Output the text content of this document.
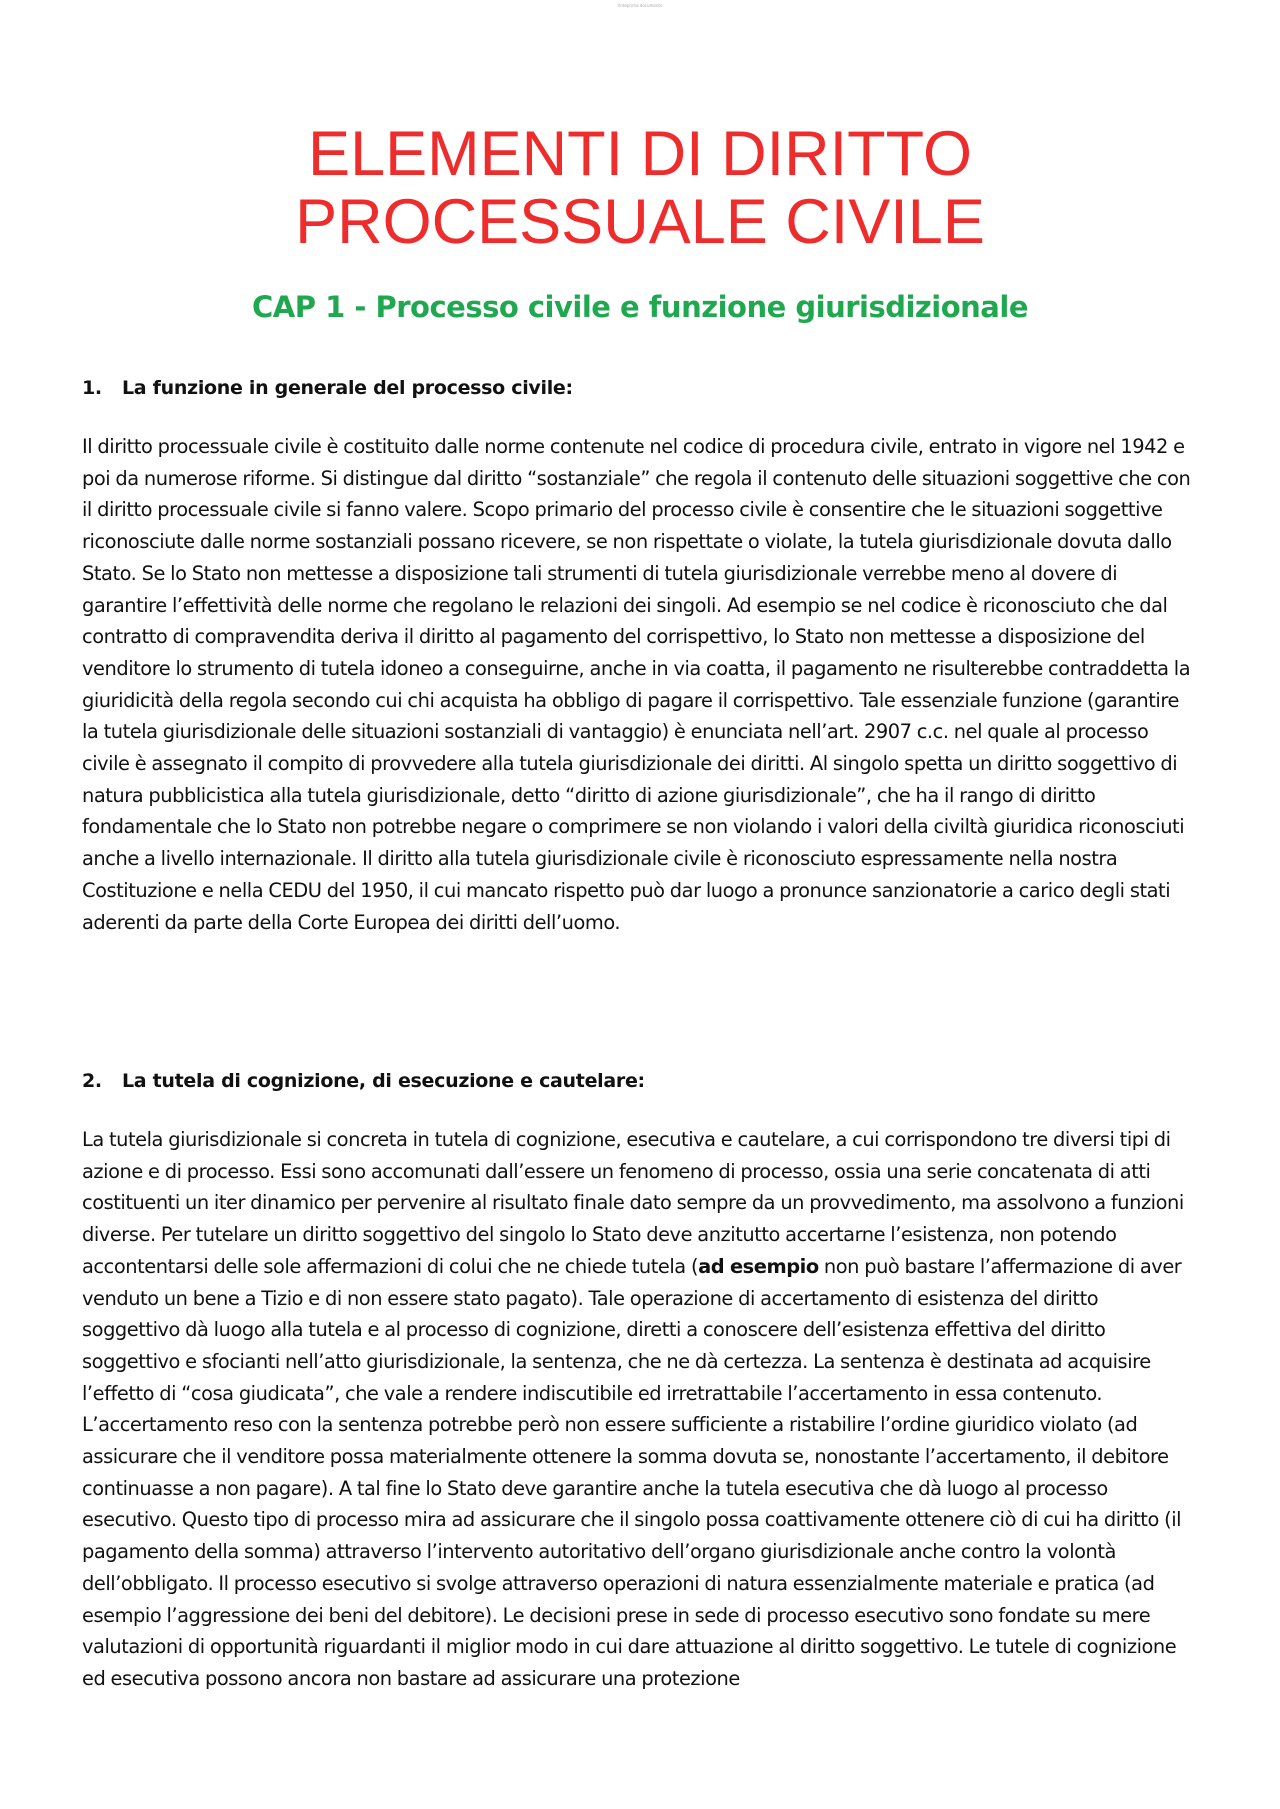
Anteprima documento
ELEMENTI DI DIRITTO
PROCESSUALE CIVILE
CAP 1 - Processo civile e funzione giurisdizionale
1. La funzione in generale del processo civile:

Il diritto processuale civile è costituito dalle norme contenute nel codice di procedura civile, entrato in vigore nel 1942 e poi da numerose riforme. Si distingue dal diritto “sostanziale” che regola il contenuto delle situazioni soggettive che con il diritto processuale civile si fanno valere. Scopo primario del processo civile è consentire che le situazioni soggettive riconosciute dalle norme sostanziali possano ricevere, se non rispettate o violate, la tutela giurisdizionale dovuta dallo Stato. Se lo Stato non mettesse a disposizione tali strumenti di tutela giurisdizionale verrebbe meno al dovere di garantire l’effettività delle norme che regolano le relazioni dei singoli. Ad esempio se nel codice è riconosciuto che dal contratto di compravendita deriva il diritto al pagamento del corrispettivo, lo Stato non mettesse a disposizione del venditore lo strumento di tutela idoneo a conseguirne, anche in via coatta, il pagamento ne risulterebbe contraddetta la giuridicità della regola secondo cui chi acquista ha obbligo di pagare il corrispettivo. Tale essenziale funzione (garantire la tutela giurisdizionale delle situazioni sostanziali di vantaggio) è enunciata nell’art. 2907 c.c. nel quale al processo civile è assegnato il compito di provvedere alla tutela giurisdizionale dei diritti. Al singolo spetta un diritto soggettivo di natura pubblicistica alla tutela giurisdizionale, detto “diritto di azione giurisdizionale”, che ha il rango di diritto fondamentale che lo Stato non potrebbe negare o comprimere se non violando i valori della civiltà giuridica riconosciuti anche a livello internazionale. Il diritto alla tutela giurisdizionale civile è riconosciuto espressamente nella nostra Costituzione e nella CEDU del 1950, il cui mancato rispetto può dar luogo a pronunce sanzionatorie a carico degli stati aderenti da parte della Corte Europea dei diritti dell’uomo.

2. La tutela di cognizione, di esecuzione e cautelare:

La tutela giurisdizionale si concreta in tutela di cognizione, esecutiva e cautelare, a cui corrispondono tre diversi tipi di azione e di processo. Essi sono accomunati dall’essere un fenomeno di processo, ossia una serie concatenata di atti costituenti un iter dinamico per pervenire al risultato finale dato sempre da un provvedimento, ma assolvono a funzioni diverse. Per tutelare un diritto soggettivo del singolo lo Stato deve anzitutto accertarne l’esistenza, non potendo accontentarsi delle sole affermazioni di colui che ne chiede tutela (ad esempio non può bastare l’affermazione di aver venduto un bene a Tizio e di non essere stato pagato). Tale operazione di accertamento di esistenza del diritto soggettivo dà luogo alla tutela e al processo di cognizione, diretti a conoscere dell’esistenza effettiva del diritto soggettivo e sfocianti nell’atto giurisdizionale, la sentenza, che ne dà certezza. La sentenza è destinata ad acquisire l’effetto di “cosa giudicata”, che vale a rendere indiscutibile ed irretrattabile l’accertamento in essa contenuto. L’accertamento reso con la sentenza potrebbe però non essere sufficiente a ristabilire l’ordine giuridico violato (ad assicurare che il venditore possa materialmente ottenere la somma dovuta se, nonostante l’accertamento, il debitore continuasse a non pagare). A tal fine lo Stato deve garantire anche la tutela esecutiva che dà luogo al processo esecutivo. Questo tipo di processo mira ad assicurare che il singolo possa coattivamente ottenere ciò di cui ha diritto (il pagamento della somma) attraverso l’intervento autoritativo dell’organo giurisdizionale anche contro la volontà dell’obbligato. Il processo esecutivo si svolge attraverso operazioni di natura essenzialmente materiale e pratica (ad esempio l’aggressione dei beni del debitore). Le decisioni prese in sede di processo esecutivo sono fondate su mere valutazioni di opportunità riguardanti il miglior modo in cui dare attuazione al diritto soggettivo. Le tutele di cognizione ed esecutiva possono ancora non bastare ad assicurare una protezione
